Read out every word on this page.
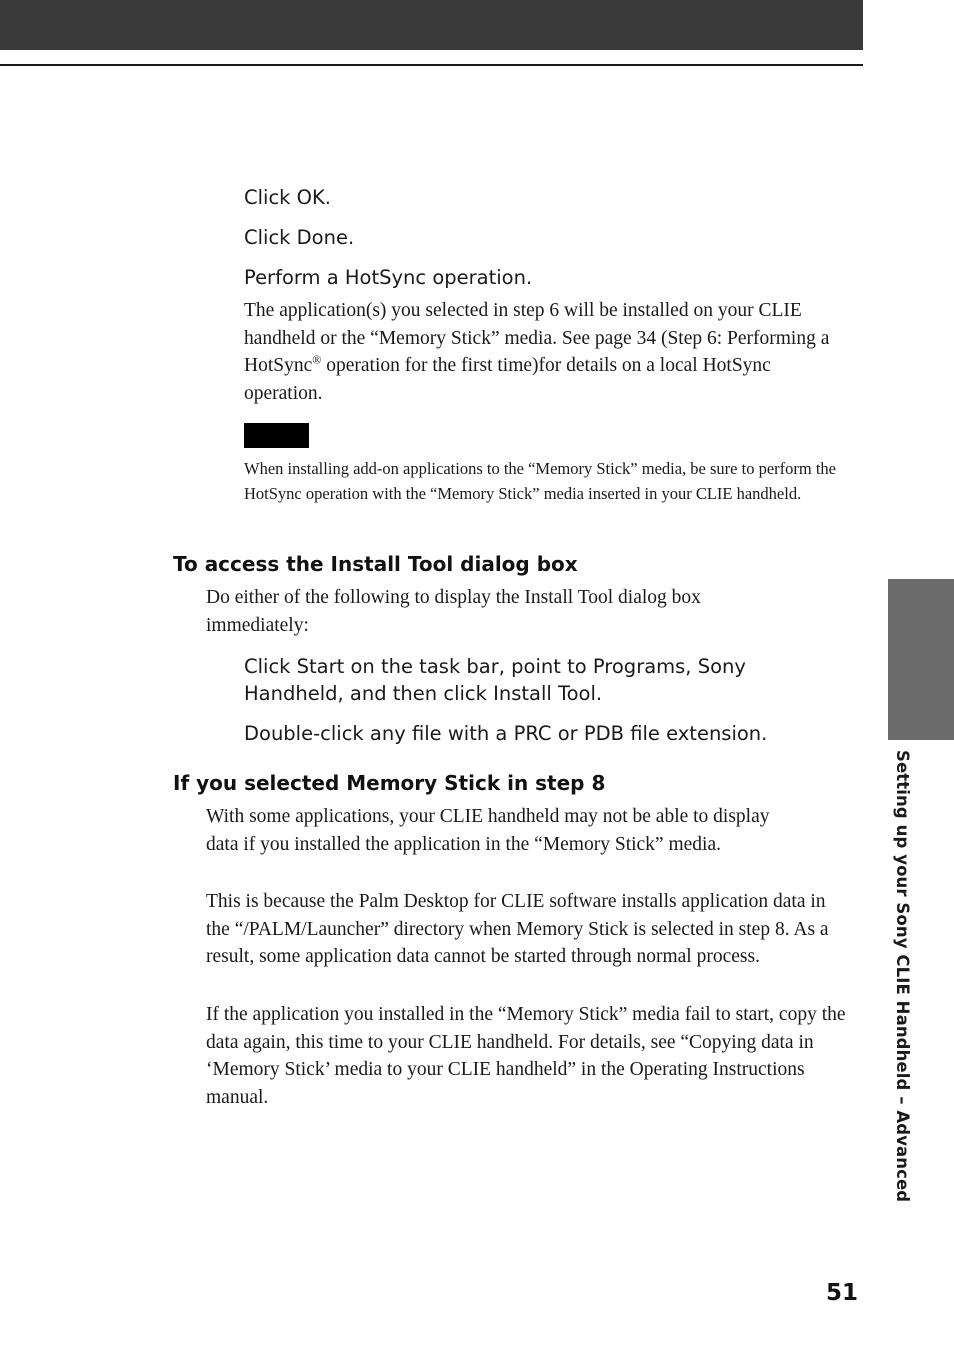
Setting up your Sony CLIE Handheld – Advanced
Click OK.
Click Done.
Perform a HotSync operation.
The application(s) you selected in step 6 will be installed on your CLIE handheld or the “Memory Stick” media. See page 34 (Step 6: Performing a HotSync® operation for the first time)for details on a local HotSync operation.
When installing add-on applications to the “Memory Stick” media, be sure to perform the HotSync operation with the “Memory Stick” media inserted in your CLIE handheld.
To access the Install Tool dialog box
Do either of the following to display the Install Tool dialog box immediately:
Click Start on the task bar, point to Programs, Sony Handheld, and then click Install Tool.
Double-click any file with a PRC or PDB file extension.
If you selected Memory Stick in step 8
With some applications, your CLIE handheld may not be able to display data if you installed the application in the “Memory Stick” media.
This is because the Palm Desktop for CLIE software installs application data in the “/PALM/Launcher” directory when Memory Stick is selected in step 8. As a result, some application data cannot be started through normal process.
If the application you installed in the “Memory Stick” media fail to start, copy the data again, this time to your CLIE handheld. For details, see “Copying data in ‘Memory Stick’ media to your CLIE handheld” in the Operating Instructions manual.
51
